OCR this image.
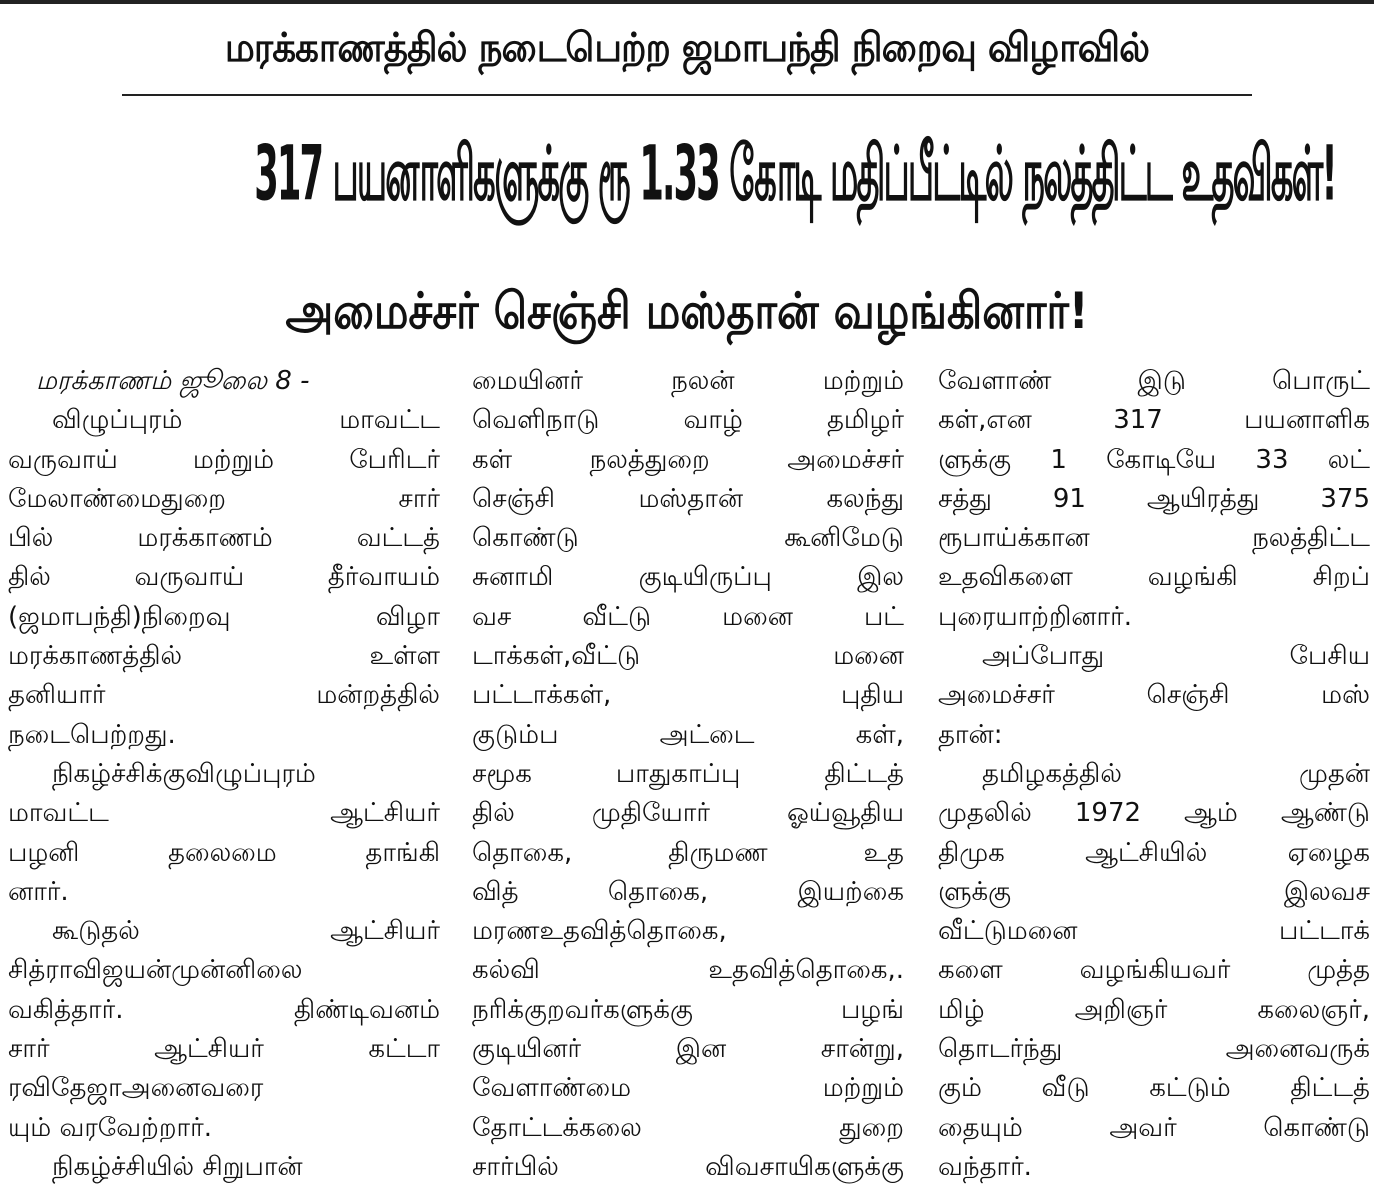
மரக்காணத்தில் நடைபெற்ற ஜமாபந்தி நிறைவு விழாவில்
317 பயனாளிகளுக்கு ரூ 1.33 கோடி மதிப்பீட்டில் நலத்திட்ட உதவிகள்!
அமைச்சர் செஞ்சி மஸ்தான் வழங்கினார்!
மரக்காணம் ஜூலை 8 -
விழுப்புரம் மாவட்ட
வருவாய் மற்றும் பேரிடர்
மேலாண்மைதுறை சார்
பில் மரக்காணம் வட்டத்
தில் வருவாய் தீர்வாயம்
(ஜமாபந்தி)நிறைவு விழா
மரக்காணத்தில் உள்ள
தனியார் மன்றத்தில்
நடைபெற்றது.
நிகழ்ச்சிக்குவிழுப்புரம்
மாவட்ட ஆட்சியர்
பழனி தலைமை தாங்கி
னார்.
கூடுதல் ஆட்சியர்
சித்ராவிஜயன்முன்னிலை
வகித்தார். திண்டிவனம்
சார் ஆட்சியர் கட்டா
ரவிதேஜாஅனைவரை
யும் வரவேற்றார்.
நிகழ்ச்சியில் சிறுபான்
மையினர் நலன் மற்றும்
வெளிநாடு வாழ் தமிழர்
கள் நலத்துறை அமைச்சர்
செஞ்சி மஸ்தான் கலந்து
கொண்டு கூனிமேடு
சுனாமி குடியிருப்பு இல
வச வீட்டு மனை பட்
டாக்கள்,வீட்டு மனை
பட்டாக்கள், புதிய
குடும்ப அட்டை கள்,
சமூக பாதுகாப்பு திட்டத்
தில் முதியோர் ஓய்வூதிய
தொகை, திருமண உத
வித் தொகை, இயற்கை
மரணஉதவித்தொகை,
கல்வி உதவித்தொகை,.
நரிக்குறவர்களுக்கு பழங்
குடியினர் இன சான்று,
வேளாண்மை மற்றும்
தோட்டக்கலை துறை
சார்பில் விவசாயிகளுக்கு
வேளாண் இடு பொருட்
கள்,என 317 பயனாளிக
ளுக்கு 1 கோடியே 33 லட்
சத்து 91 ஆயிரத்து 375
ரூபாய்க்கான நலத்திட்ட
உதவிகளை வழங்கி சிறப்
புரையாற்றினார்.
அப்போது பேசிய
அமைச்சர் செஞ்சி மஸ்
தான்:
தமிழகத்தில் முதன்
முதலில் 1972 ஆம் ஆண்டு
திமுக ஆட்சியில் ஏழைக
ளுக்கு இலவச
வீட்டுமனை பட்டாக்
களை வழங்கியவர் முத்த
மிழ் அறிஞர் கலைஞர்,
தொடர்ந்து அனைவருக்
கும் வீடு கட்டும் திட்டத்
தையும் அவர் கொண்டு
வந்தார்.
